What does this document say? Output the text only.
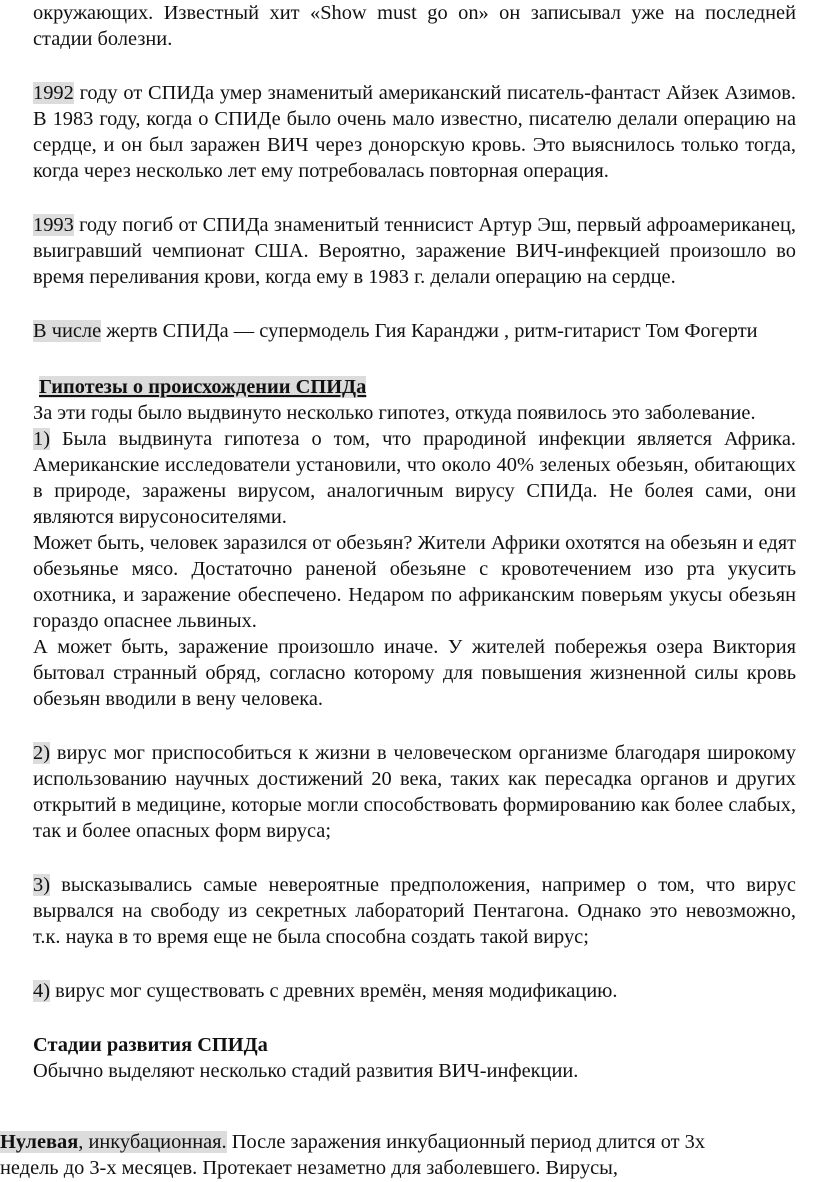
окружающих. Известный хит «Show must go on» он записывал уже на последней стадии болезни.

1992 году от СПИДа умер знаменитый американский писатель-фантаст Айзек Азимов. В 1983 году, когда о СПИДе было очень мало известно, писателю делали операцию на сердце, и он был заражен ВИЧ через донорскую кровь. Это выяснилось только тогда, когда через несколько лет ему потребовалась повторная операция.

1993 году погиб от СПИДа знаменитый теннисист Артур Эш, первый афроамериканец, выигравший чемпионат США. Вероятно, заражение ВИЧ-инфекцией произошло во время переливания крови, когда ему в 1983 г. делали операцию на сердце.

В числе жертв СПИДа — супермодель Гия Каранджи , ритм-гитарист Том Фогерти

Гипотезы о происхождении СПИДа

За эти годы было выдвинуто несколько гипотез, откуда появилось это заболевание.

1) Была выдвинута гипотеза о том, что прародиной инфекции является Африка. Американские исследователи установили, что около 40% зеленых обезьян, обитающих в природе, заражены вирусом, аналогичным вирусу СПИДа. Не болея сами, они являются вирусоносителями.

Может быть, человек заразился от обезьян? Жители Африки охотятся на обезьян и едят обезьянье мясо. Достаточно раненой обезьяне с кровотечением изо рта укусить охотника, и заражение обеспечено. Недаром по африканским поверьям укусы обезьян гораздо опаснее львиных.

А может быть, заражение произошло иначе. У жителей побережья озера Виктория бытовал странный обряд, согласно которому для повышения жизненной силы кровь обезьян вводили в вену человека.

2) вирус мог приспособиться к жизни в человеческом организме благодаря широкому использованию научных достижений 20 века, таких как пересадка органов и других открытий в медицине, которые могли способствовать формированию как более слабых, так и более опасных форм вируса;

3) высказывались самые невероятные предположения, например о том, что вирус вырвался на свободу из секретных лабораторий Пентагона. Однако это невозможно, т.к. наука в то время еще не была способна создать такой вирус;

4) вирус мог существовать с древних времён, меняя модификацию.

Стадии развития СПИДа

Обычно выделяют несколько стадий развития ВИЧ-инфекции.

Нулевая, инкубационная. После заражения инкубационный период длится от 3х
недель до 3-х месяцев. Протекает незаметно для заболевшего. Вирусы,
